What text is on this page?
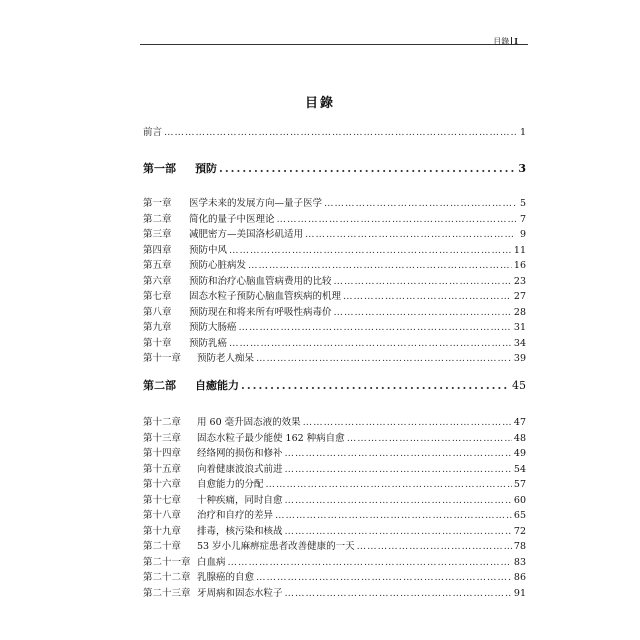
目錄 I
目錄
前言 …………………………………………………………………………………………………………………………………………	1
第一部	預防 .....	3
第一章	医学未来的发展方向—量子医学 …………………………………………………………………………………………………………………………………………	5
第二章	简化的量子中医理论 …………………………………………………………………………………………………………………………………………	7
第三章	减肥密方—美国洛杉矶适用 …………………………………………………………………………………………………………………………………………	9
第四章	预防中风 …………………………………………………………………………………………………………………………………………	11
第五章	预防心脏病发 …………………………………………………………………………………………………………………………………………	16
第六章	预防和治疗心脑血管病费用的比较 …………………………………………………………………………………………………………………………………………	23
第七章	固态水粒子预防心脑血管疾病的机理 …………………………………………………………………………………………………………………………………………	27
第八章	预防现在和将来所有呼吸性病毒价 …………………………………………………………………………………………………………………………………………	28
第九章	预防大肠癌 …………………………………………………………………………………………………………………………………………	31
第十章	预防乳癌 …………………………………………………………………………………………………………………………………………	34
第十一章	预防老人痴呆 …………………………………………………………………………………………………………………………………………	39
第二部	自癒能力 .....	45
第十二章	用 60 毫升固态液的效果 …………………………………………………………………………………………………………………………………………	47
第十三章	固态水粒子最少能使 162 种病自愈 …………………………………………………………………………………………………………………………………………	48
第十四章	经络网的损伤和修补 …………………………………………………………………………………………………………………………………………	49
第十五章	向着健康波浪式前进 …………………………………………………………………………………………………………………………………………	54
第十六章	自愈能力的分配 …………………………………………………………………………………………………………………………………………	57
第十七章	十种疾痛，同时自愈 …………………………………………………………………………………………………………………………………………	60
第十八章	治疗和自疗的差异 …………………………………………………………………………………………………………………………………………	65
第十九章	排毒，核污染和核战 …………………………………………………………………………………………………………………………………………	72
第二十章	53 岁小儿麻痹症患者改善健康的一天 …………………………………………………………………………………………………………………………………………	78
第二十一章 白血病 …………………………………………………………………………………………………………………………………………	83
第二十二章 乳腺癌的自愈 …………………………………………………………………………………………………………………………………………	86
第二十三章 牙周病和固态水粒子 …………………………………………………………………………………………………………………………………………	91
